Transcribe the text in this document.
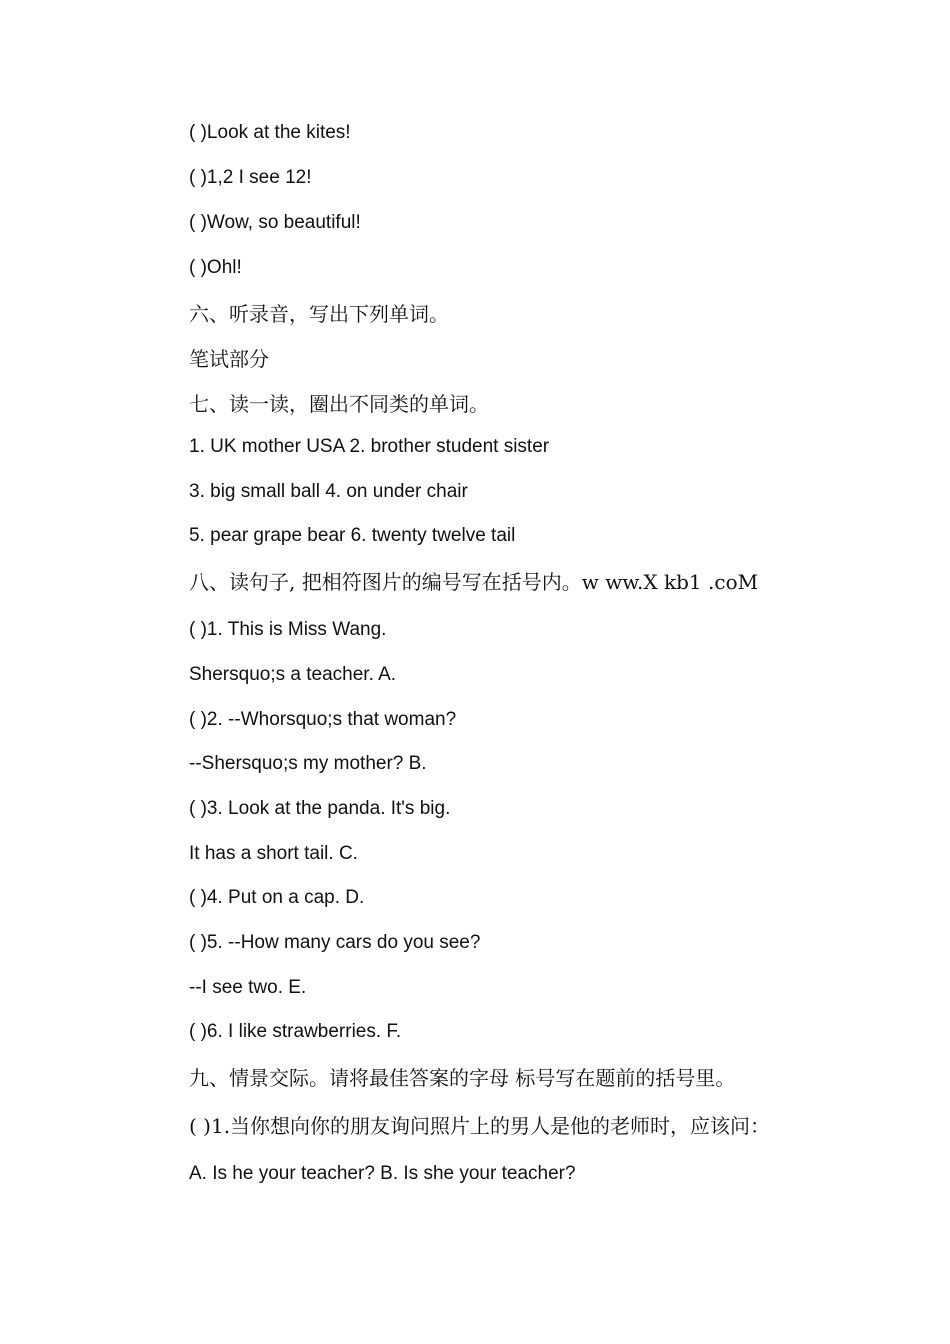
( )Look at the kites!
( )1,2 I see 12!
( )Wow, so beautiful!
( )Ohl!
六、听录音，写出下列单词。
笔试部分
七、读一读，圈出不同类的单词。
1. UK mother USA 2. brother student sister
3. big small ball 4. on under chair
5. pear grape bear 6. twenty twelve tail
八、读句子, 把相符图片的编号写在括号内。w ww.X kb1 .coM
( )1. This is Miss Wang.
Shersquo;s a teacher. A.
( )2. --Whorsquo;s that woman?
--Shersquo;s my mother? B.
( )3. Look at the panda. It's big.
It has a short tail. C.
( )4. Put on a cap. D.
( )5. --How many cars do you see?
--I see two. E.
( )6. I like strawberries. F.
九、情景交际。请将最佳答案的字母 标号写在题前的括号里。
( )1.当你想向你的朋友询问照片上的男人是他的老师时，应该问：
A. Is he your teacher? B. Is she your teacher?
